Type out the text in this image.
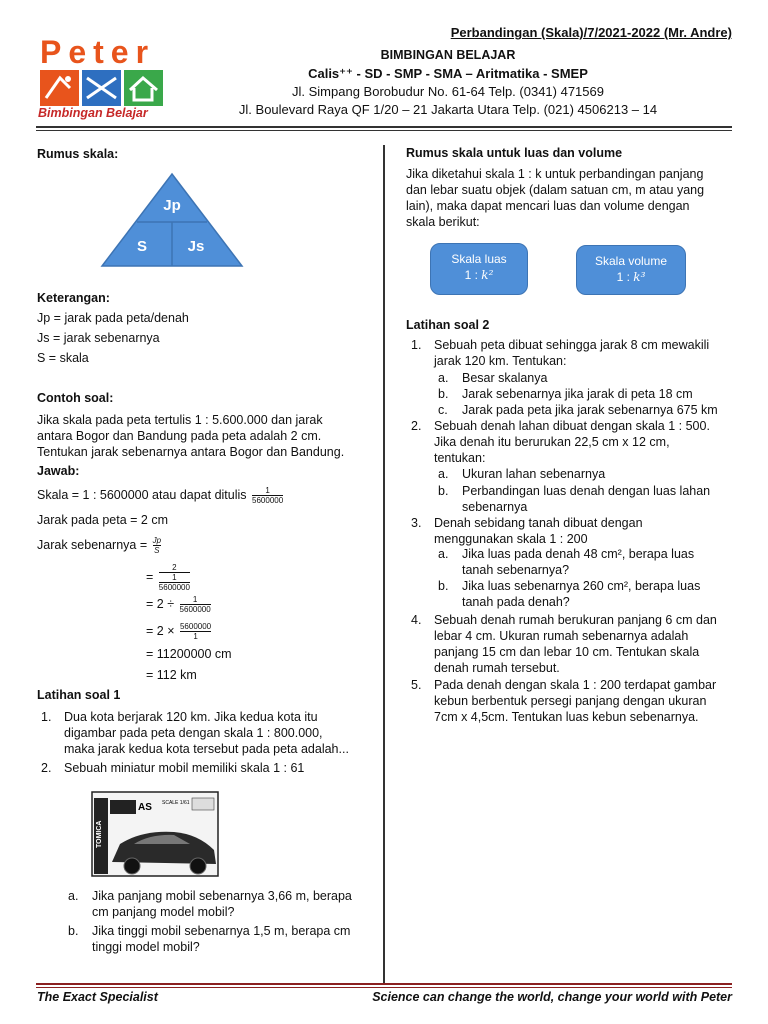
Perbandingan (Skala)/7/2021-2022 (Mr. Andre)
Peter
Bimbingan Belajar
BIMBINGAN BELAJAR
Calis⁺⁺ - SD - SMP - SMA – Aritmatika - SMEP
Jl. Simpang Borobudur No. 61-64 Telp. (0341) 471569
Jl. Boulevard Raya QF 1/20 – 21 Jakarta Utara Telp. (021) 4506213 – 14
Rumus skala:
Jp
S	Js
Keterangan:
Jp = jarak pada peta/denah
Js = jarak sebenarnya
S = skala
Contoh soal:
Jika skala pada peta tertulis 1 : 5.600.000 dan jarak
antara Bogor dan Bandung pada peta adalah 2 cm.
Tentukan jarak sebenarnya antara Bogor dan Bandung.
Jawab:
Skala = 1 : 5600000 atau dapat ditulis $\frac{1}{5600000}$
Jarak pada peta = 2 cm
Jarak sebenarnya = $\frac{Jp}{S}$
= $\frac{2}{\frac{1}{5600000}}$
= $2 \div \frac{1}{5600000}$
= $2 \times \frac{5600000}{1}$
= 11200000 cm
= 112 km
Latihan soal 1
1. Dua kota berjarak 120 km. Jika kedua kota itu
digambar pada peta dengan skala 1 : 800.000,
maka jarak kedua kota tersebut pada peta adalah...
2. Sebuah miniatur mobil memiliki skala 1 : 61
TOMICA
AS SCALE 1/61
a. Jika panjang mobil sebenarnya 3,66 m, berapa
cm panjang model mobil?
b. Jika tinggi mobil sebenarnya 1,5 m, berapa cm
tinggi model mobil?
Rumus skala untuk luas dan volume
Jika diketahui skala 1 : k untuk perbandingan panjang
dan lebar suatu objek (dalam satuan cm, m atau yang
lain), maka dapat mencari luas dan volume dengan
skala berikut:
Skala luas
1 : k²
Skala volume
1 : k³
Latihan soal 2
1. Sebuah peta dibuat sehingga jarak 8 cm mewakili
jarak 120 km. Tentukan:
a. Besar skalanya
b. Jarak sebenarnya jika jarak di peta 18 cm
c. Jarak pada peta jika jarak sebenarnya 675 km
2. Sebuah denah lahan dibuat dengan skala 1 : 500.
Jika denah itu berurukan 22,5 cm x 12 cm,
tentukan:
a. Ukuran lahan sebenarnya
b. Perbandingan luas denah dengan luas lahan
sebenarnya
3. Denah sebidang tanah dibuat dengan
menggunakan skala 1 : 200
a. Jika luas pada denah 48 cm², berapa luas
tanah sebenarnya?
b. Jika luas sebenarnya 260 cm², berapa luas
tanah pada denah?
4. Sebuah denah rumah berukuran panjang 6 cm dan
lebar 4 cm. Ukuran rumah sebenarnya adalah
panjang 15 cm dan lebar 10 cm. Tentukan skala
denah rumah tersebut.
5. Pada denah dengan skala 1 : 200 terdapat gambar
kebun berbentuk persegi panjang dengan ukuran
7cm x 4,5cm. Tentukan luas kebun sebenarnya.
The Exact Specialist	Science can change the world, change your world with Peter
